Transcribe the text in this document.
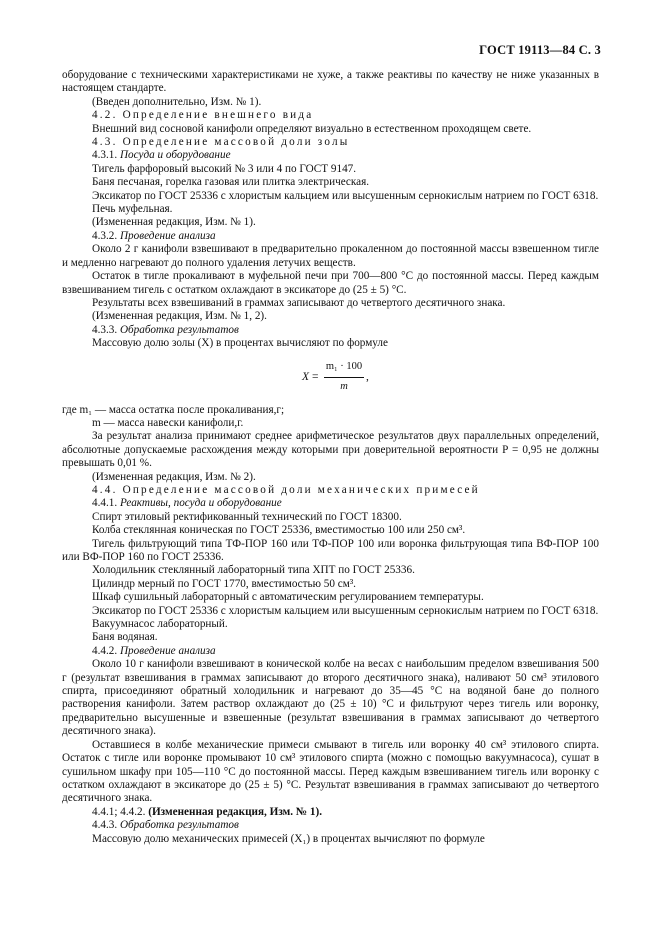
ГОСТ 19113—84 С. 3

оборудование с техническими характеристиками не хуже, а также реактивы по качеству не ниже указанных в настоящем стандарте.

(Введен дополнительно, Изм. № 1).

4.2. Определение внешнего вида

Внешний вид сосновой канифоли определяют визуально в естественном проходящем свете.

4.3. Определение массовой доли золы

4.3.1. Посуда и оборудование

Тигель фарфоровый высокий № 3 или 4 по ГОСТ 9147.

Баня песчаная, горелка газовая или плитка электрическая.

Эксикатор по ГОСТ 25336 с хлористым кальцием или высушенным сернокислым натрием по ГОСТ 6318.

Печь муфельная.

(Измененная редакция, Изм. № 1).

4.3.2. Проведение анализа

Около 2 г канифоли взвешивают в предварительно прокаленном до постоянной массы взвешенном тигле и медленно нагревают до полного удаления летучих веществ.

Остаток в тигле прокаливают в муфельной печи при 700—800 °С до постоянной массы. Перед каждым взвешиванием тигель с остатком охлаждают в эксикаторе до (25 ± 5) °С.

Результаты всех взвешиваний в граммах записывают до четвертого десятичного знака.

(Измененная редакция, Изм. № 1, 2).

4.3.3. Обработка результатов

Массовую долю золы (X) в процентах вычисляют по формуле

X =
m₁ · 100
m
,

где m₁ — масса остатка после прокаливания,г;

m — масса навески канифоли,г.

За результат анализа принимают среднее арифметическое результатов двух параллельных определений, абсолютные допускаемые расхождения между которыми при доверительной вероятности P = 0,95 не должны превышать 0,01 %.

(Измененная редакция, Изм. № 2).

4.4. Определение массовой доли механических примесей

4.4.1. Реактивы, посуда и оборудование

Спирт этиловый ректификованный технический по ГОСТ 18300.

Колба стеклянная коническая по ГОСТ 25336, вместимостью 100 или 250 см³.

Тигель фильтрующий типа ТФ-ПОР 160 или ТФ-ПОР 100 или воронка фильтрующая типа ВФ-ПОР 100 или ВФ-ПОР 160 по ГОСТ 25336.

Холодильник стеклянный лабораторный типа ХПТ по ГОСТ 25336.

Цилиндр мерный по ГОСТ 1770, вместимостью 50 см³.

Шкаф сушильный лабораторный с автоматическим регулированием температуры.

Эксикатор по ГОСТ 25336 с хлористым кальцием или высушенным сернокислым натрием по ГОСТ 6318.

Вакуумнасос лабораторный.

Баня водяная.

4.4.2. Проведение анализа

Около 10 г канифоли взвешивают в конической колбе на весах с наибольшим пределом взвешивания 500 г (результат взвешивания в граммах записывают до второго десятичного знака), наливают 50 см³ этилового спирта, присоединяют обратный холодильник и нагревают до 35—45 °С на водяной бане до полного растворения канифоли. Затем раствор охлаждают до (25 ± 10) °С и фильтруют через тигель или воронку, предварительно высушенные и взвешенные (результат взвешивания в граммах записывают до четвертого десятичного знака).

Оставшиеся в колбе механические примеси смывают в тигель или воронку 40 см³ этилового спирта. Остаток с тигле или воронке промывают 10 см³ этилового спирта (можно с помощью вакуумнасоса), сушат в сушильном шкафу при 105—110 °С до постоянной массы. Перед каждым взвешиванием тигель или воронку с остатком охлаждают в эксикаторе до (25 ± 5) °С. Результат взвешивания в граммах записывают до четвертого десятичного знака.

4.4.1; 4.4.2. (Измененная редакция, Изм. № 1).

4.4.3. Обработка результатов

Массовую долю механических примесей (X₁) в процентах вычисляют по формуле
